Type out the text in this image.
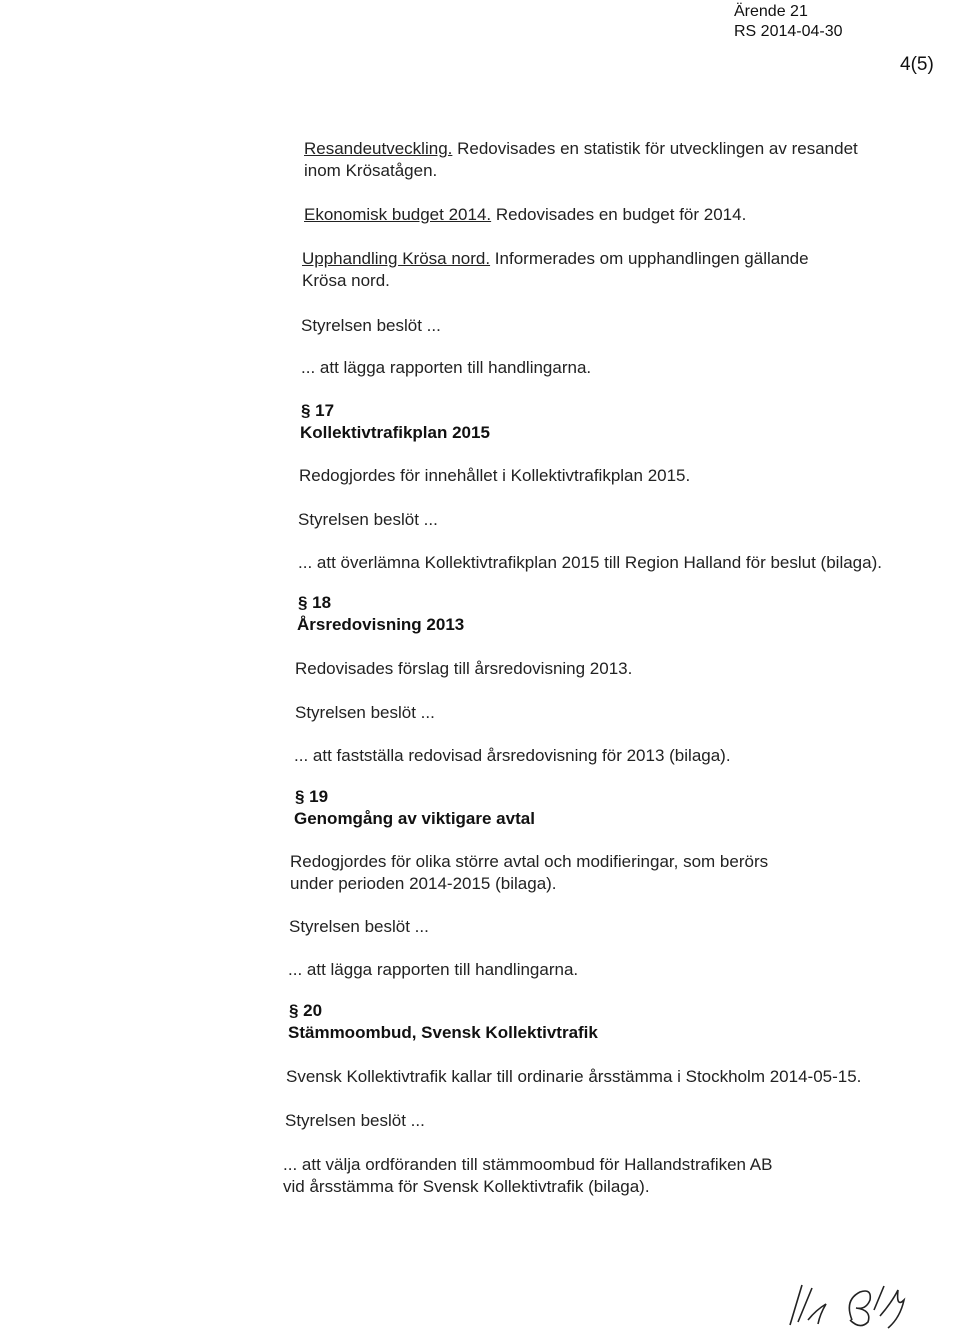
Ärende 21
RS 2014-04-30
4(5)
Resandeutveckling. Redovisades en statistik för utvecklingen av resandet
inom Krösatågen.
Ekonomisk budget 2014. Redovisades en budget för 2014.
Upphandling Krösa nord. Informerades om upphandlingen gällande
Krösa nord.
Styrelsen beslöt ...
... att lägga rapporten till handlingarna.
§ 17
Kollektivtrafikplan 2015
Redogjordes för innehållet i Kollektivtrafikplan 2015.
Styrelsen beslöt ...
... att överlämna Kollektivtrafikplan 2015 till Region Halland för beslut (bilaga).
§ 18
Årsredovisning 2013
Redovisades förslag till årsredovisning 2013.
Styrelsen beslöt ...
... att fastställa redovisad årsredovisning för 2013 (bilaga).
§ 19
Genomgång av viktigare avtal
Redogjordes för olika större avtal och modifieringar, som berörs
under perioden 2014-2015 (bilaga).
Styrelsen beslöt ...
... att lägga rapporten till handlingarna.
§ 20
Stämmoombud, Svensk Kollektivtrafik
Svensk Kollektivtrafik kallar till ordinarie årsstämma i Stockholm 2014-05-15.
Styrelsen beslöt ...
... att välja ordföranden till stämmoombud för Hallandstrafiken AB
vid årsstämma för Svensk Kollektivtrafik (bilaga).
